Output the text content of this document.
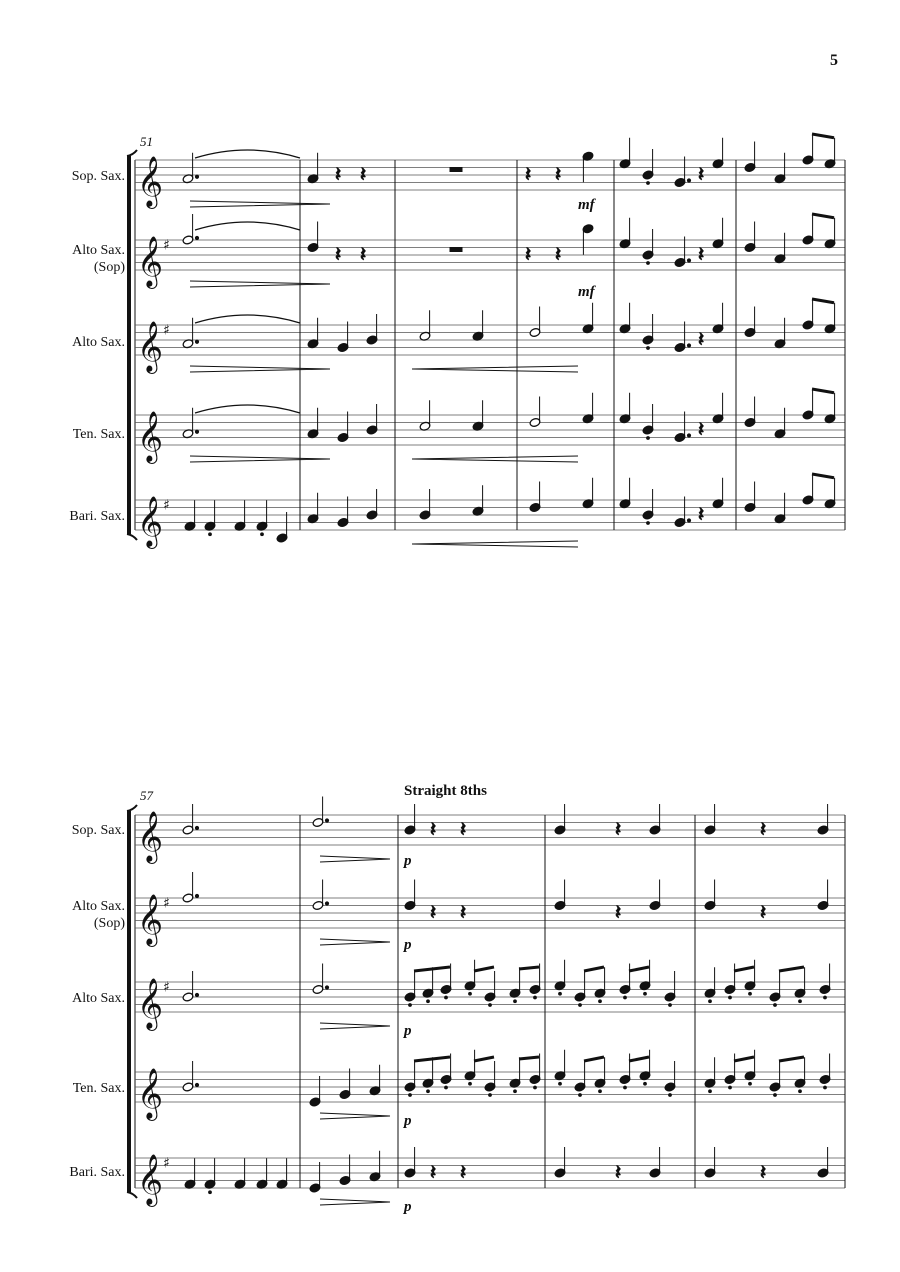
5
51
Sop. Sax.
Alto Sax.
(Sop)
Alto Sax.
Ten. Sax.
Bari. Sax.
mf
mf
𝄞
𝄞 ♯
𝄞 ♯
𝄞
𝄞 ♯
𝄽 𝄽	𝄽 𝄽	𝄽
𝄽 𝄽	𝄽 𝄽	𝄽
𝄽
𝄽
𝄽
57	Straight 8ths
Sop. Sax.
Alto Sax.
(Sop)
Alto Sax.
Ten. Sax.
Bari. Sax.
p
p
p
p
p
𝄞
𝄞 ♯
𝄞 ♯
𝄞
𝄞 ♯
𝄽 𝄽	𝄽	𝄽
𝄽 𝄽	𝄽	𝄽
𝄽 𝄽	𝄽	𝄽
